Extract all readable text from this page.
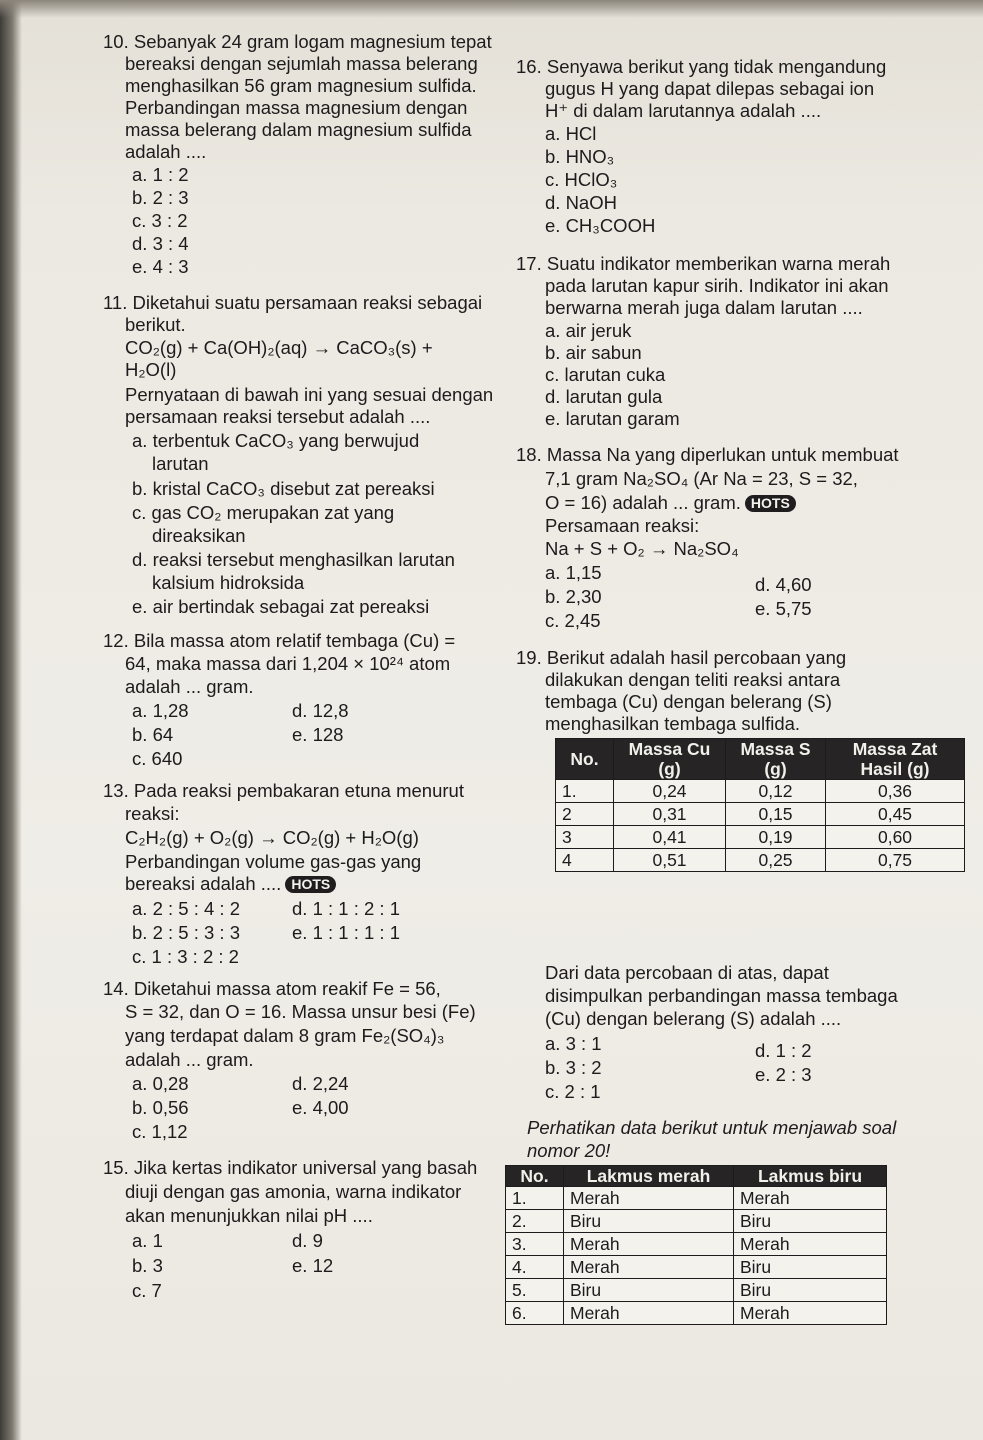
10. Sebanyak 24 gram logam magnesium tepat
bereaksi dengan sejumlah massa belerang
menghasilkan 56 gram magnesium sulfida.
Perbandingan massa magnesium dengan
massa belerang dalam magnesium sulfida
adalah ....
a. 1 : 2
b. 2 : 3
c. 3 : 2
d. 3 : 4
e. 4 : 3
11. Diketahui suatu persamaan reaksi sebagai
berikut.
CO₂(g) + Ca(OH)₂(aq) → CaCO₃(s) +
H₂O(l)
Pernyataan di bawah ini yang sesuai dengan
persamaan reaksi tersebut adalah ....
a. terbentuk CaCO₃ yang berwujud
larutan
b. kristal CaCO₃ disebut zat pereaksi
c. gas CO₂ merupakan zat yang
direaksikan
d. reaksi tersebut menghasilkan larutan
kalsium hidroksida
e. air bertindak sebagai zat pereaksi
12. Bila massa atom relatif tembaga (Cu) =
64, maka massa dari 1,204 × 10²⁴ atom
adalah ... gram.
a. 1,28
b. 64
c. 640
d. 12,8
e. 128
13. Pada reaksi pembakaran etuna menurut
reaksi:
C₂H₂(g) + O₂(g) → CO₂(g) + H₂O(g)
Perbandingan volume gas-gas yang
bereaksi adalah .... HOTS
a. 2 : 5 : 4 : 2
b. 2 : 5 : 3 : 3
c. 1 : 3 : 2 : 2
d. 1 : 1 : 2 : 1
e. 1 : 1 : 1 : 1
14. Diketahui massa atom reakif Fe = 56,
S = 32, dan O = 16. Massa unsur besi (Fe)
yang terdapat dalam 8 gram Fe₂(SO₄)₃
adalah ... gram.
a. 0,28
b. 0,56
c. 1,12
d. 2,24
e. 4,00
15. Jika kertas indikator universal yang basah
diuji dengan gas amonia, warna indikator
akan menunjukkan nilai pH ....
a. 1
b. 3
c. 7
d. 9
e. 12
16. Senyawa berikut yang tidak mengandung
gugus H yang dapat dilepas sebagai ion
H⁺ di dalam larutannya adalah ....
a. HCl
b. HNO₃
c. HClO₃
d. NaOH
e. CH₃COOH
17. Suatu indikator memberikan warna merah
pada larutan kapur sirih. Indikator ini akan
berwarna merah juga dalam larutan ....
a. air jeruk
b. air sabun
c. larutan cuka
d. larutan gula
e. larutan garam
18. Massa Na yang diperlukan untuk membuat
7,1 gram Na₂SO₄ (Ar Na = 23, S = 32,
O = 16) adalah ... gram. HOTS
Persamaan reaksi:
Na + S + O₂ → Na₂SO₄
a. 1,15
b. 2,30
c. 2,45
d. 4,60
e. 5,75
19. Berikut adalah hasil percobaan yang
dilakukan dengan teliti reaksi antara
tembaga (Cu) dengan belerang (S)
menghasilkan tembaga sulfida.
No.	Massa Cu (g)	Massa S (g)	Massa Zat Hasil (g)
1.	0,24	0,12	0,36
2	0,31	0,15	0,45
3	0,41	0,19	0,60
4	0,51	0,25	0,75
Dari data percobaan di atas, dapat
disimpulkan perbandingan massa tembaga
(Cu) dengan belerang (S) adalah ....
a. 3 : 1
b. 3 : 2
c. 2 : 1
d. 1 : 2
e. 2 : 3
Perhatikan data berikut untuk menjawab soal
nomor 20!
No.	Lakmus merah	Lakmus biru
1.	Merah	Merah
2.	Biru	Biru
3.	Merah	Merah
4.	Merah	Biru
5.	Biru	Biru
6.	Merah	Merah
